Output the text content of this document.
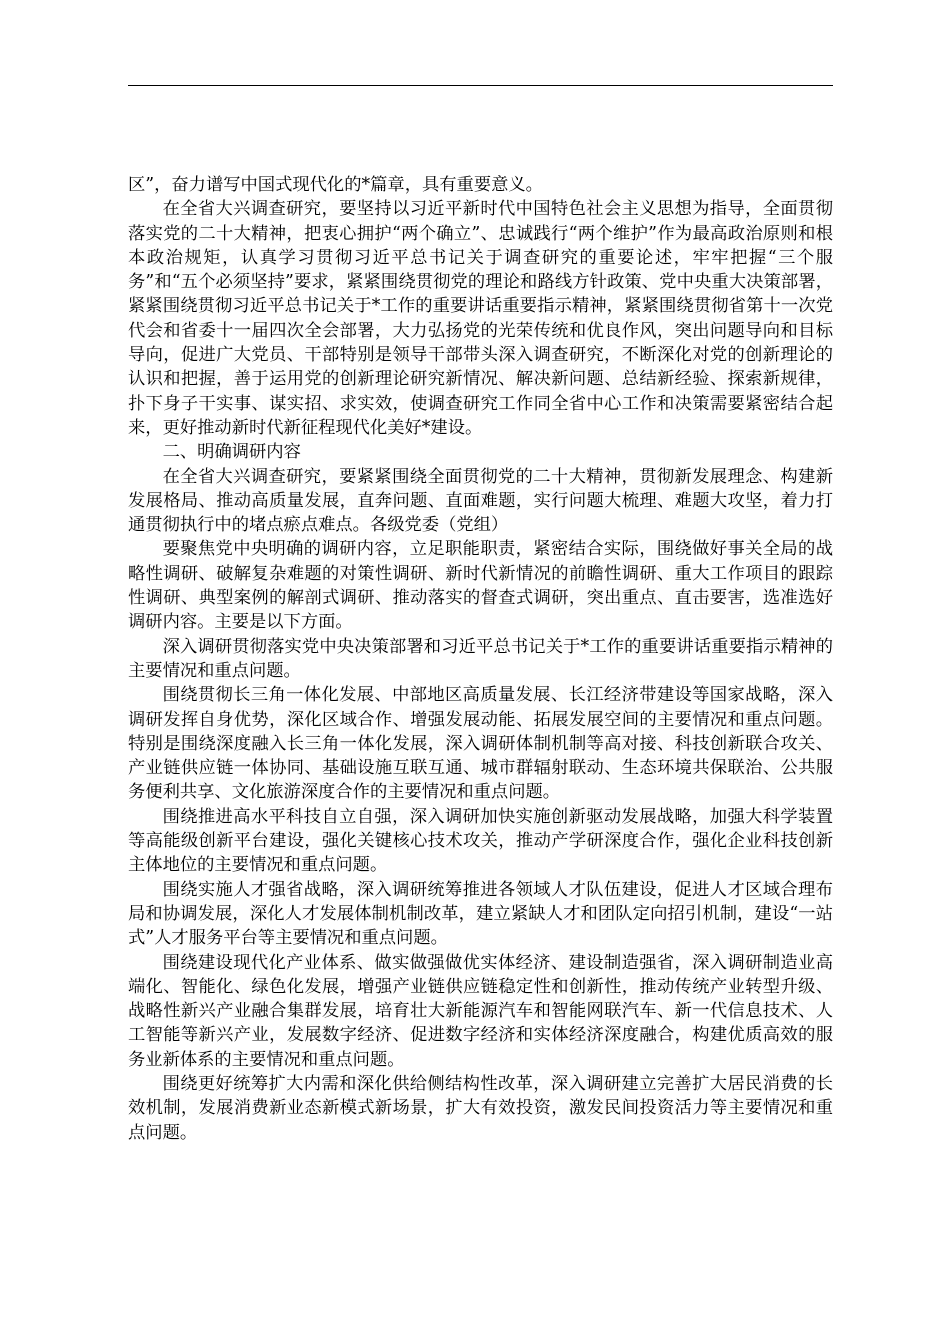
区”，奋力谱写中国式现代化的*篇章，具有重要意义。

在全省大兴调查研究，要坚持以习近平新时代中国特色社会主义思想为指导，全面贯彻落实党的二十大精神，把衷心拥护“两个确立”、忠诚践行“两个维护”作为最高政治原则和根本政治规矩，认真学习贯彻习近平总书记关于调查研究的重要论述，牢牢把握“三个服务”和“五个必须坚持”要求，紧紧围绕贯彻党的理论和路线方针政策、党中央重大决策部署，紧紧围绕贯彻习近平总书记关于*工作的重要讲话重要指示精神，紧紧围绕贯彻省第十一次党代会和省委十一届四次全会部署，大力弘扬党的光荣传统和优良作风，突出问题导向和目标导向，促进广大党员、干部特别是领导干部带头深入调查研究，不断深化对党的创新理论的认识和把握，善于运用党的创新理论研究新情况、解决新问题、总结新经验、探索新规律，扑下身子干实事、谋实招、求实效，使调查研究工作同全省中心工作和决策需要紧密结合起来，更好推动新时代新征程现代化美好*建设。

二、明确调研内容

在全省大兴调查研究，要紧紧围绕全面贯彻党的二十大精神，贯彻新发展理念、构建新发展格局、推动高质量发展，直奔问题、直面难题，实行问题大梳理、难题大攻坚，着力打通贯彻执行中的堵点瘀点难点。各级党委（党组）

要聚焦党中央明确的调研内容，立足职能职责，紧密结合实际，围绕做好事关全局的战略性调研、破解复杂难题的对策性调研、新时代新情况的前瞻性调研、重大工作项目的跟踪性调研、典型案例的解剖式调研、推动落实的督查式调研，突出重点、直击要害，选准选好调研内容。主要是以下方面。

深入调研贯彻落实党中央决策部署和习近平总书记关于*工作的重要讲话重要指示精神的主要情况和重点问题。

围绕贯彻长三角一体化发展、中部地区高质量发展、长江经济带建设等国家战略，深入调研发挥自身优势，深化区域合作、增强发展动能、拓展发展空间的主要情况和重点问题。特别是围绕深度融入长三角一体化发展，深入调研体制机制等高对接、科技创新联合攻关、产业链供应链一体协同、基础设施互联互通、城市群辐射联动、生态环境共保联治、公共服务便利共享、文化旅游深度合作的主要情况和重点问题。

围绕推进高水平科技自立自强，深入调研加快实施创新驱动发展战略，加强大科学装置等高能级创新平台建设，强化关键核心技术攻关，推动产学研深度合作，强化企业科技创新主体地位的主要情况和重点问题。

围绕实施人才强省战略，深入调研统筹推进各领域人才队伍建设，促进人才区域合理布局和协调发展，深化人才发展体制机制改革，建立紧缺人才和团队定向招引机制，建设“一站式”人才服务平台等主要情况和重点问题。

围绕建设现代化产业体系、做实做强做优实体经济、建设制造强省，深入调研制造业高端化、智能化、绿色化发展，增强产业链供应链稳定性和创新性，推动传统产业转型升级、战略性新兴产业融合集群发展，培育壮大新能源汽车和智能网联汽车、新一代信息技术、人工智能等新兴产业，发展数字经济、促进数字经济和实体经济深度融合，构建优质高效的服务业新体系的主要情况和重点问题。

围绕更好统筹扩大内需和深化供给侧结构性改革，深入调研建立完善扩大居民消费的长效机制，发展消费新业态新模式新场景，扩大有效投资，激发民间投资活力等主要情况和重点问题。
